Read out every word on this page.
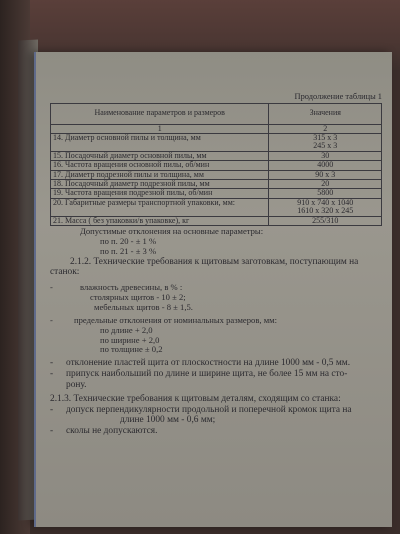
Продолжение таблицы 1
Наименование параметров и размеров	Значения
1	2
14. Диаметр основной пилы и толщина, мм	315 х 3
245 х 3

15. Посадочный диаметр основной пилы, мм	30
16. Частота вращения основной пилы, об/мин	4000
17. Диаметр подрезной пилы и толщина, мм	90 х 3
18. Посадочный диаметр подрезной пилы, мм	20
19. Частота вращения подрезной пилы, об/мин	5800
20. Габаритные размеры транспортной упаковки, мм:	910 х 740 х 1040
1610 х 320 х 245

21. Масса ( без упаковки/в упаковке), кг	255/310
Допустимые отклонения на основные параметры:
по п. 20 - ± 1 %
по п. 21 - ± 3 %
2.1.2. Технические требования к щитовым заготовкам, поступающим на
станок:
-	влажность древесины, в % :
столярных щитов - 10 ± 2;
мебельных щитов - 8 ± 1,5.
- предельные отклонения от номинальных размеров, мм:
по длине + 2,0
по ширине + 2,0
по толщине ± 0,2
- отклонение пластей щита от плоскостности на длине 1000 мм - 0,5 мм.
- припуск наибольший по длине и ширине щита, не более 15 мм на сто-
рону.
2.1.3. Технические требования к щитовым деталям, сходящим со станка:
- допуск перпендикулярности продольной и поперечной кромок щита на
длине 1000 мм - 0,6 мм;
- сколы не допускаются.
